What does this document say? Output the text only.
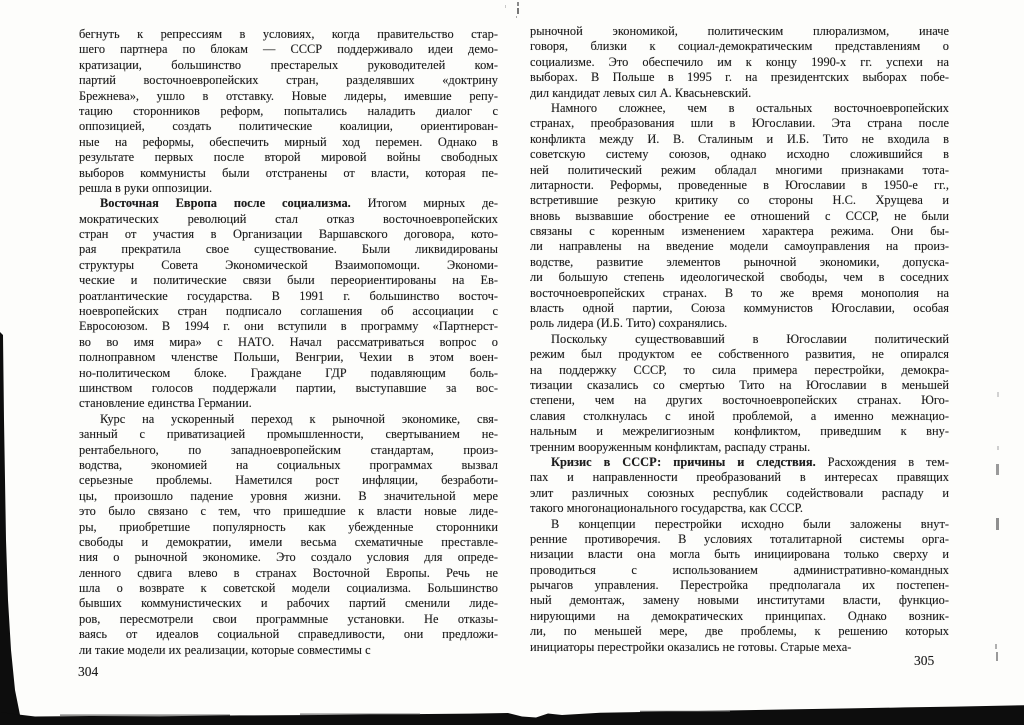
бегнуть к репрессиям в условиях, когда правительство стар-
шего партнера по блокам — СССР поддерживало идеи демо-
кратизации, большинство престарелых руководителей ком-
партий восточноевропейских стран, разделявших «доктрину
Брежнева», ушло в отставку. Новые лидеры, имевшие репу-
тацию сторонников реформ, попытались наладить диалог с
оппозицией, создать политические коалиции, ориентирован-
ные на реформы, обеспечить мирный ход перемен. Однако в
результате первых после второй мировой войны свободных
выборов коммунисты были отстранены от власти, которая пе-
решла в руки оппозиции.
Восточная Европа после социализма. Итогом мирных де-
мократических революций стал отказ восточноевропейских
стран от участия в Организации Варшавского договора, кото-
рая прекратила свое существование. Были ликвидированы
структуры Совета Экономической Взаимопомощи. Экономи-
ческие и политические связи были переориентированы на Ев-
роатлантические государства. В 1991 г. большинство восточ-
ноевропейских стран подписало соглашения об ассоциации с
Евросоюзом. В 1994 г. они вступили в программу «Партнерст-
во во имя мира» с НАТО. Начал рассматриваться вопрос о
полноправном членстве Польши, Венгрии, Чехии в этом воен-
но-политическом блоке. Граждане ГДР подавляющим боль-
шинством голосов поддержали партии, выступавшие за вос-
становление единства Германии.
Курс на ускоренный переход к рыночной экономике, свя-
занный с приватизацией промышленности, свертыванием не-
рентабельного, по западноевропейским стандартам, произ-
водства, экономией на социальных программах вызвал
серьезные проблемы. Наметился рост инфляции, безработи-
цы, произошло падение уровня жизни. В значительной мере
это было связано с тем, что пришедшие к власти новые лиде-
ры, приобретшие популярность как убежденные сторонники
свободы и демократии, имели весьма схематичные преставле-
ния о рыночной экономике. Это создало условия для опреде-
ленного сдвига влево в странах Восточной Европы. Речь не
шла о возврате к советской модели социализма. Большинство
бывших коммунистических и рабочих партий сменили лиде-
ров, пересмотрели свои программные установки. Не отказы-
ваясь от идеалов социальной справедливости, они предложи-
ли такие модели их реализации, которые совместимы с
рыночной экономикой, политическим плюрализмом, иначе
говоря, близки к социал-демократическим представлениям о
социализме. Это обеспечило им к концу 1990-х гг. успехи на
выборах. В Польше в 1995 г. на президентских выборах побе-
дил кандидат левых сил А. Квасьневский.
Намного сложнее, чем в остальных восточноевропейских
странах, преобразования шли в Югославии. Эта страна после
конфликта между И. В. Сталиным и И.Б. Тито не входила в
советскую систему союзов, однако исходно сложившийся в
ней политический режим обладал многими признаками тота-
литарности. Реформы, проведенные в Югославии в 1950-е гг.,
встретившие резкую критику со стороны Н.С. Хрущева и
вновь вызвавшие обострение ее отношений с СССР, не были
связаны с коренным изменением характера режима. Они бы-
ли направлены на введение модели самоуправления на произ-
водстве, развитие элементов рыночной экономики, допуска-
ли большую степень идеологической свободы, чем в соседних
восточноевропейских странах. В то же время монополия на
власть одной партии, Союза коммунистов Югославии, особая
роль лидера (И.Б. Тито) сохранялись.
Поскольку существовавший в Югославии политический
режим был продуктом ее собственного развития, не опирался
на поддержку СССР, то сила примера перестройки, демокра-
тизации сказались со смертью Тито на Югославии в меньшей
степени, чем на других восточноевропейских странах. Юго-
славия столкнулась с иной проблемой, а именно межнацио-
нальным и межрелигиозным конфликтом, приведшим к вну-
тренним вооруженным конфликтам, распаду страны.
Кризис в СССР: причины и следствия. Расхождения в тем-
пах и направленности преобразований в интересах правящих
элит различных союзных республик содействовали распаду и
такого многонационального государства, как СССР.
В концепции перестройки исходно были заложены внут-
ренние противоречия. В условиях тоталитарной системы орга-
низации власти она могла быть инициирована только сверху и
проводиться с использованием административно-командных
рычагов управления. Перестройка предполагала их постепен-
ный демонтаж, замену новыми институтами власти, функцио-
нирующими на демократических принципах. Однако возник-
ли, по меньшей мере, две проблемы, к решению которых
инициаторы перестройки оказались не готовы. Старые меха-
304
305
